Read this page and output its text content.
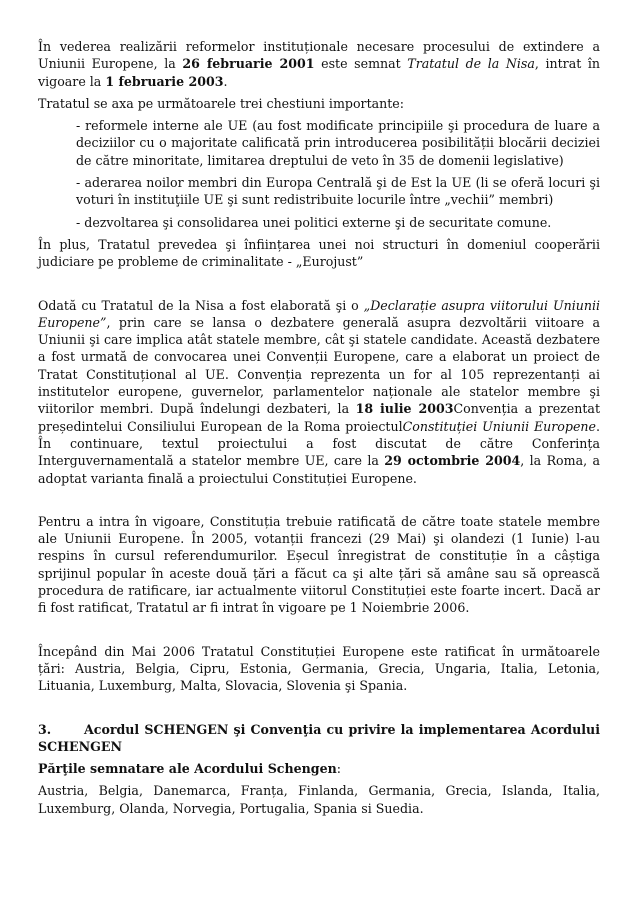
În vederea realizării reformelor instituționale necesare procesului de extindere a Uniunii Europene, la 26 februarie 2001 este semnat Tratatul de la Nisa, intrat în vigoare la 1 februarie 2003.

Tratatul se axa pe următoarele trei chestiuni importante:

- reformele interne ale UE (au fost modificate principiile şi procedura de luare a deciziilor cu o majoritate calificată prin introducerea posibilității blocării deciziei de către minoritate, limitarea dreptului de veto în 35 de domenii legislative)

- aderarea noilor membri din Europa Centrală şi de Est la UE (li se oferă locuri şi voturi în instituţiile UE şi sunt redistribuite locurile între „vechii” membri)

- dezvoltarea şi consolidarea unei politici externe şi de securitate comune.

În plus, Tratatul prevedea şi înființarea unei noi structuri în domeniul cooperării judiciare pe probleme de criminalitate - „Eurojust”

Odată cu Tratatul de la Nisa a fost elaborată şi o „Declarație asupra viitorului Uniunii Europene”, prin care se lansa o dezbatere generală asupra dezvoltării viitoare a Uniunii şi care implica atât statele membre, cât şi statele candidate. Această dezbatere a fost urmată de convocarea unei Convenții Europene, care a elaborat un proiect de Tratat Constituțional al UE. Convenția reprezenta un for al 105 reprezentanți ai institutelor europene, guvernelor, parlamentelor naționale ale statelor membre şi viitorilor membri. După îndelungi dezbateri, la 18 iulie 2003Convenția a prezentat președintelui Consiliului European de la Roma proiectulConstituției Uniunii Europene. În continuare, textul proiectului a fost discutat de către Conferința Interguvernamentală a statelor membre UE, care la 29 octombrie 2004, la Roma, a adoptat varianta finală a proiectului Constituției Europene.

Pentru a intra în vigoare, Constituția trebuie ratificată de către toate statele membre ale Uniunii Europene. În 2005, votanții francezi (29 Mai) şi olandezi (1 Iunie) l-au respins în cursul referendumurilor. Eșecul înregistrat de constituție în a câștiga sprijinul popular în aceste două țări a făcut ca şi alte țări să amâne sau să oprească procedura de ratificare, iar actualmente viitorul Constituției este foarte incert. Dacă ar fi fost ratificat, Tratatul ar fi intrat în vigoare pe 1 Noiembrie 2006.

Începând din Mai 2006 Tratatul Constituției Europene este ratificat în următoarele țări: Austria, Belgia, Cipru, Estonia, Germania, Grecia, Ungaria, Italia, Letonia, Lituania, Luxemburg, Malta, Slovacia, Slovenia şi Spania.

3.	Acordul SCHENGEN şi Convenţia cu privire la implementarea Acordului SCHENGEN

Părţile semnatare ale Acordului Schengen:

Austria, Belgia, Danemarca, Franța, Finlanda, Germania, Grecia, Islanda, Italia, Luxemburg, Olanda, Norvegia, Portugalia, Spania si Suedia.
